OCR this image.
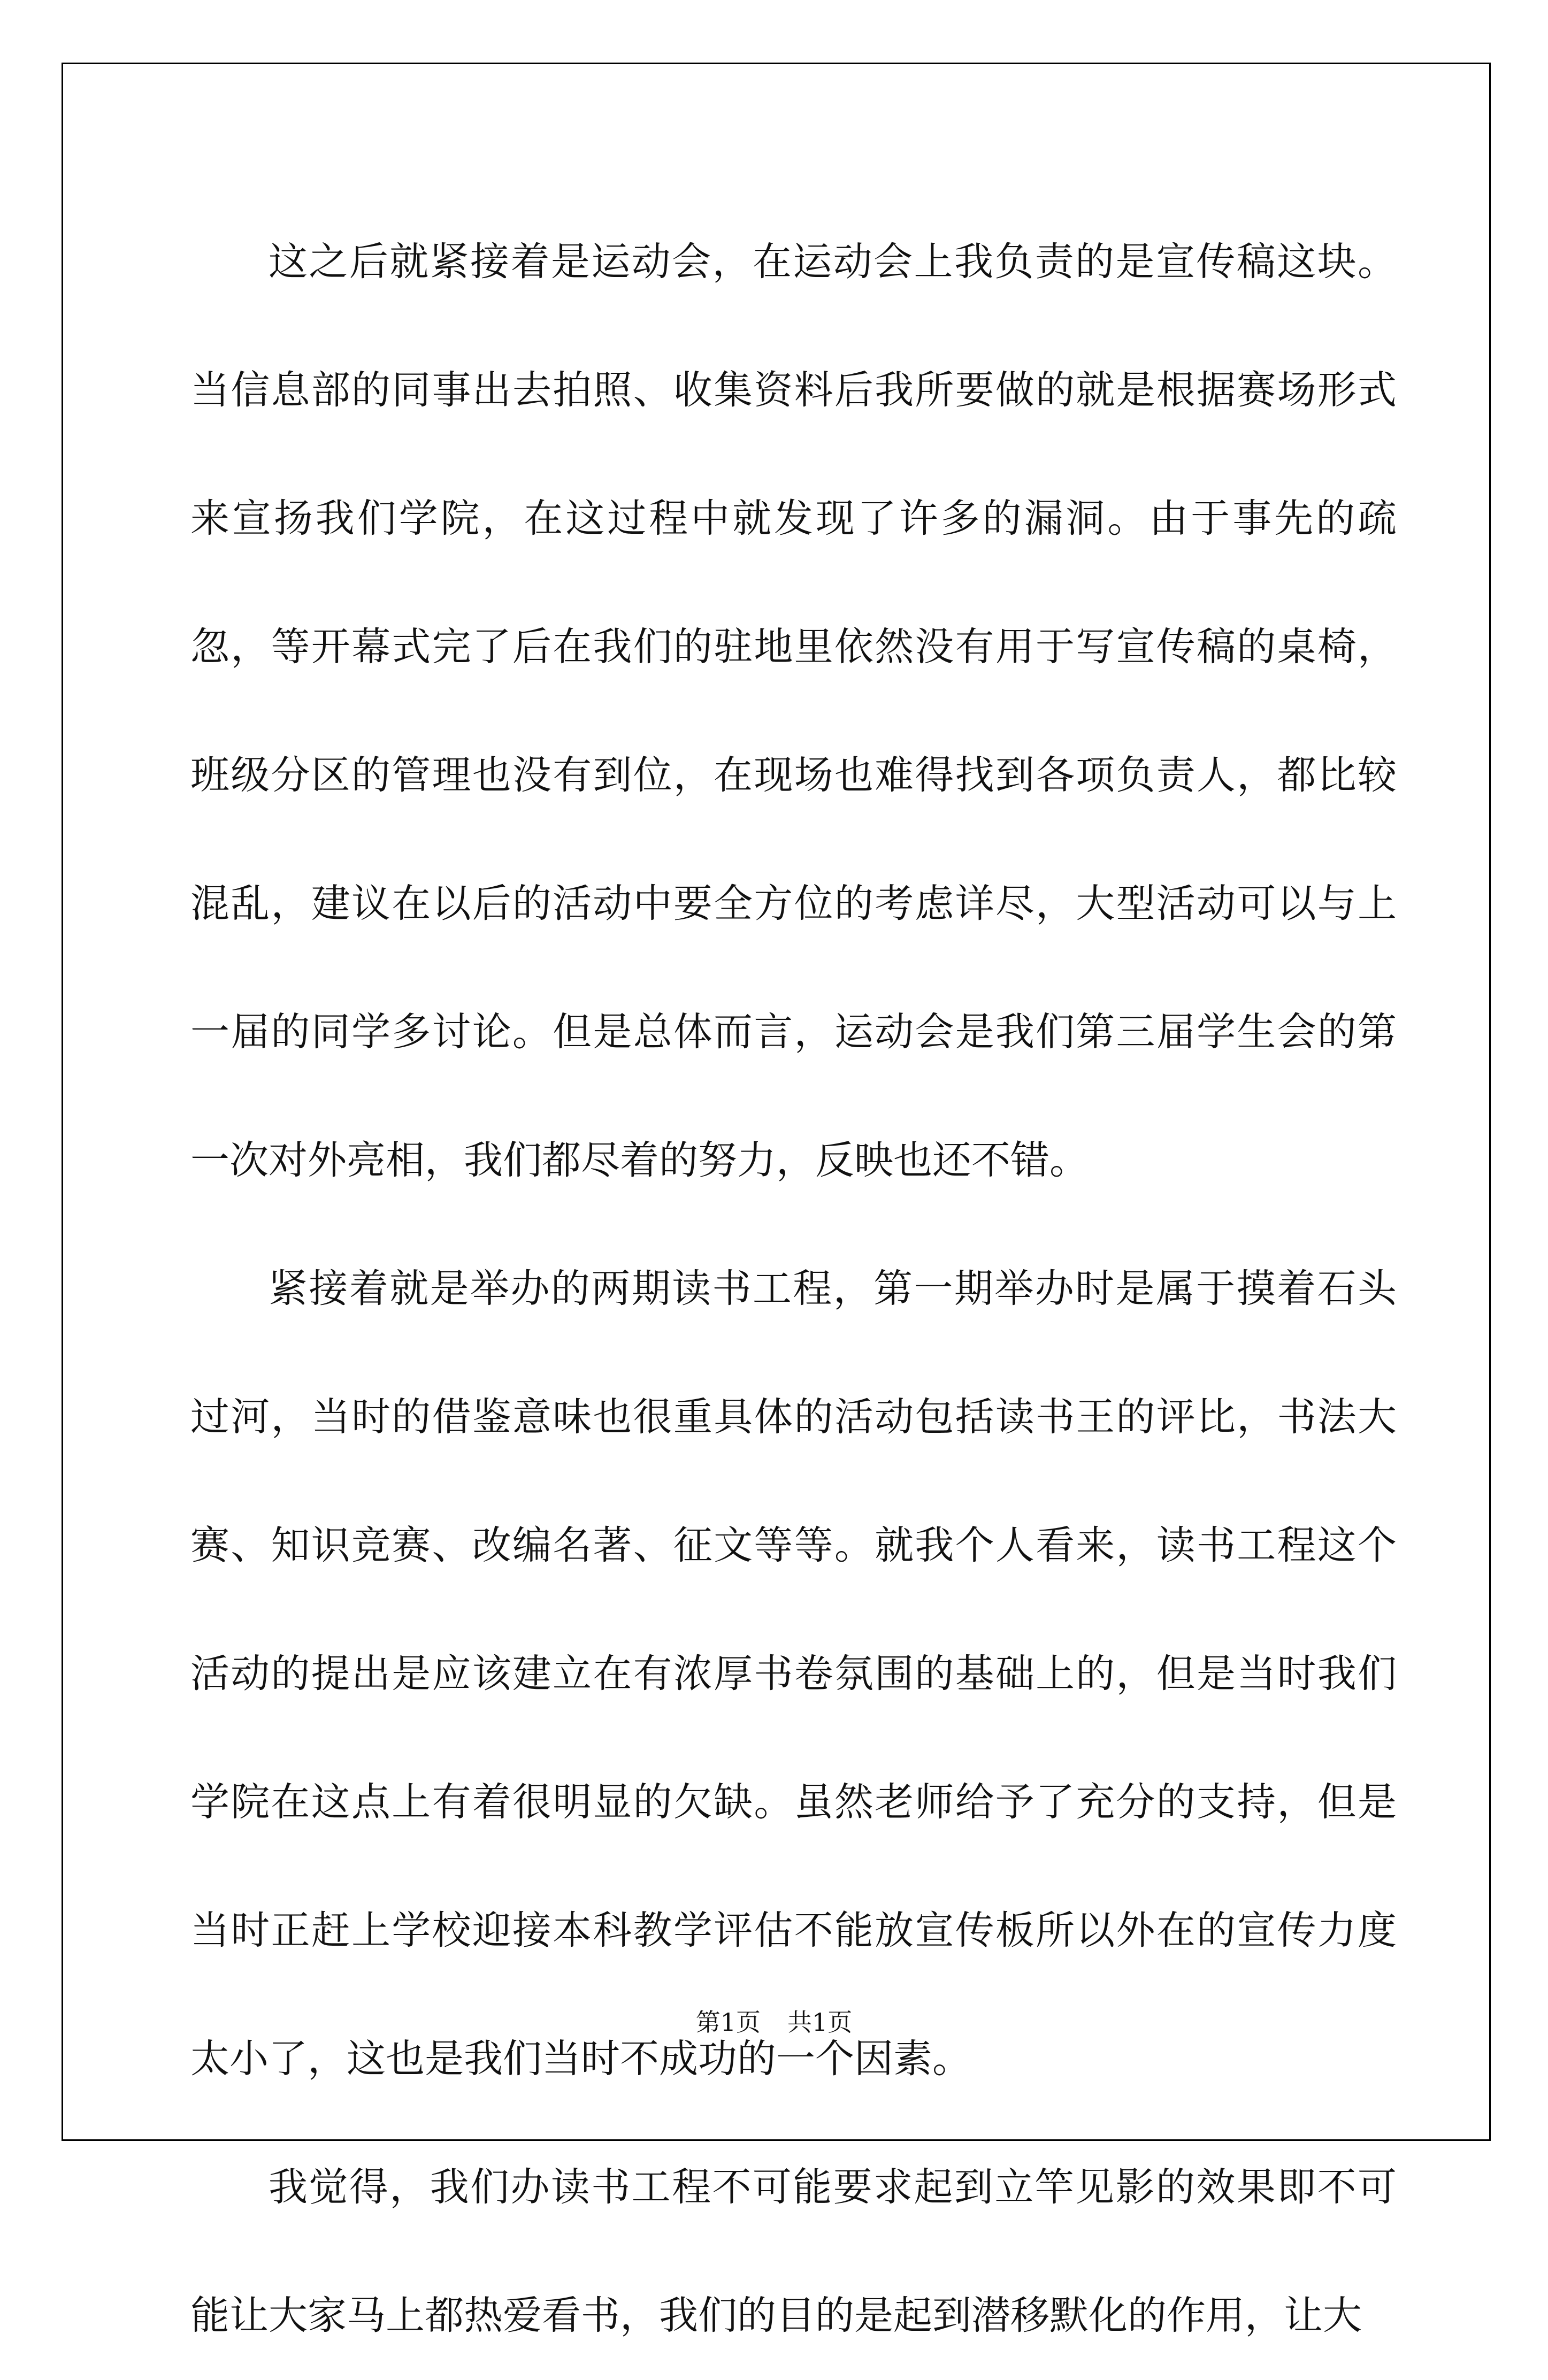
这之后就紧接着是运动会，在运动会上我负责的是宣传稿这块。当信息部的同事出去拍照、收集资料后我所要做的就是根据赛场形式来宣扬我们学院，在这过程中就发现了许多的漏洞。由于事先的疏忽，等开幕式完了后在我们的驻地里依然没有用于写宣传稿的桌椅，班级分区的管理也没有到位，在现场也难得找到各项负责人，都比较混乱，建议在以后的活动中要全方位的考虑详尽，大型活动可以与上一届的同学多讨论。但是总体而言，运动会是我们第三届学生会的第一次对外亮相，我们都尽着的努力，反映也还不错。

紧接着就是举办的两期读书工程，第一期举办时是属于摸着石头过河，当时的借鉴意味也很重具体的活动包括读书王的评比，书法大赛、知识竞赛、改编名著、征文等等。就我个人看来，读书工程这个活动的提出是应该建立在有浓厚书卷氛围的基础上的，但是当时我们学院在这点上有着很明显的欠缺。虽然老师给予了充分的支持，但是当时正赶上学校迎接本科教学评估不能放宣传板所以外在的宣传力度太小了，这也是我们当时不成功的一个因素。

我觉得，我们办读书工程不可能要求起到立竿见影的效果即不可能让大家马上都热爱看书，我们的目的是起到潜移默化的作用，让大

第1页 共1页
